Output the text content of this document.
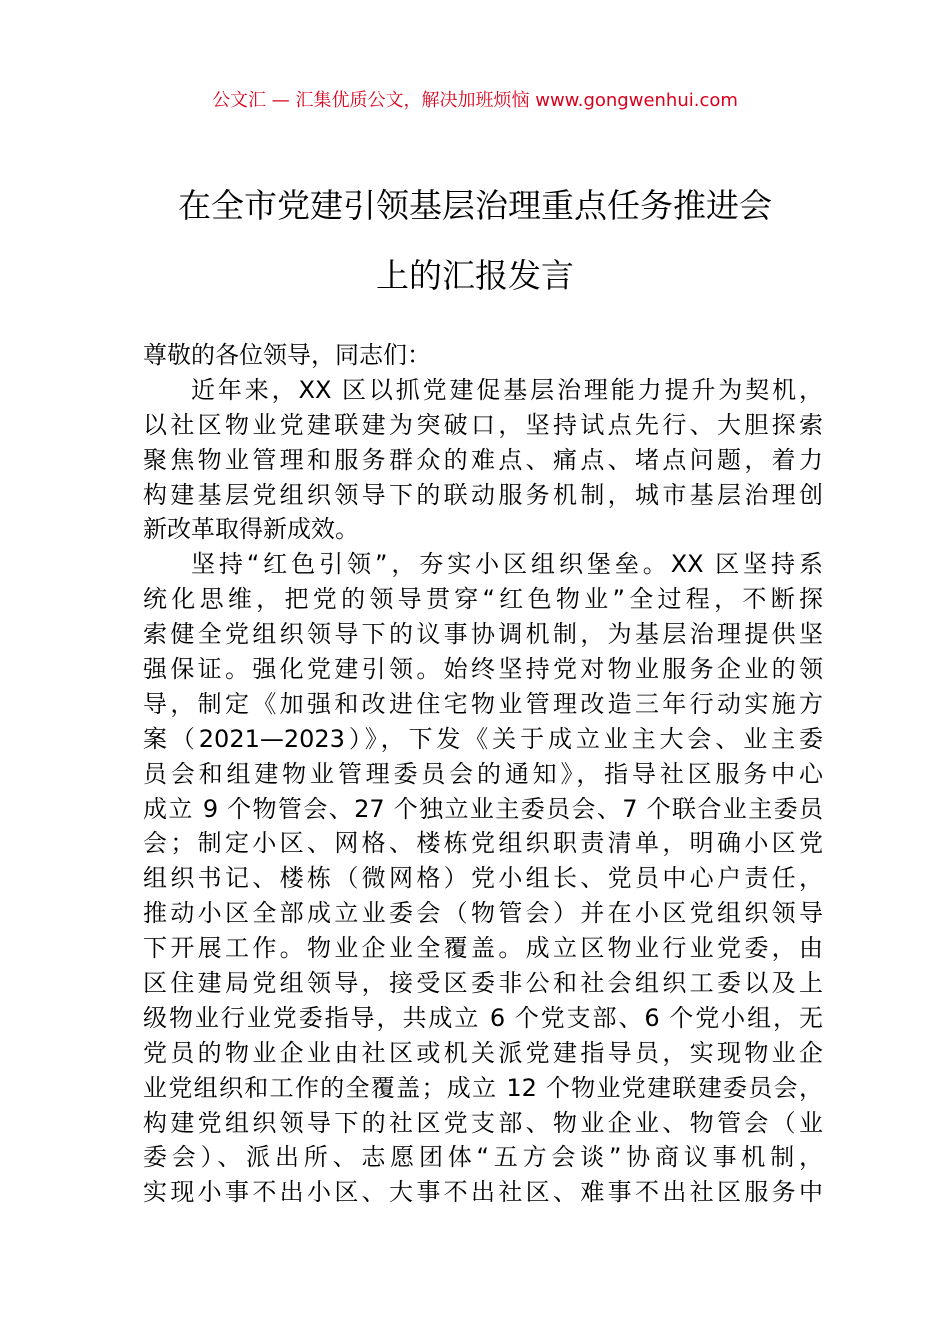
公文汇 — 汇集优质公文，解决加班烦恼 www.gongwenhui.com
在全市党建引领基层治理重点任务推进会
上的汇报发言
尊敬的各位领导，同志们：
近年来，XX 区以抓党建促基层治理能力提升为契机，
以社区物业党建联建为突破口，坚持试点先行、大胆探索
聚焦物业管理和服务群众的难点、痛点、堵点问题，着力
构建基层党组织领导下的联动服务机制，城市基层治理创
新改革取得新成效。
坚持“红色引领”，夯实小区组织堡垒。XX 区坚持系
统化思维，把党的领导贯穿“红色物业”全过程，不断探
索健全党组织领导下的议事协调机制，为基层治理提供坚
强保证。强化党建引领。始终坚持党对物业服务企业的领
导，制定《加强和改进住宅物业管理改造三年行动实施方
案（2021—2023）》，下发《关于成立业主大会、业主委
员会和组建物业管理委员会的通知》，指导社区服务中心
成立 9 个物管会、27 个独立业主委员会、7 个联合业主委员
会；制定小区、网格、楼栋党组织职责清单，明确小区党
组织书记、楼栋（微网格）党小组长、党员中心户责任，
推动小区全部成立业委会（物管会）并在小区党组织领导
下开展工作。物业企业全覆盖。成立区物业行业党委，由
区住建局党组领导，接受区委非公和社会组织工委以及上
级物业行业党委指导，共成立 6 个党支部、6 个党小组，无
党员的物业企业由社区或机关派党建指导员，实现物业企
业党组织和工作的全覆盖；成立 12 个物业党建联建委员会，
构建党组织领导下的社区党支部、物业企业、物管会（业
委会）、派出所、志愿团体“五方会谈”协商议事机制，
实现小事不出小区、大事不出社区、难事不出社区服务中
